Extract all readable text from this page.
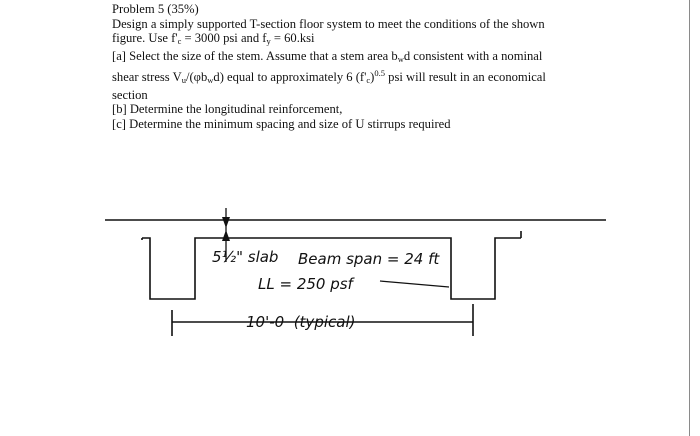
Problem 5 (35%)
Design a simply supported T-section floor system to meet the conditions of the shown
figure. Use $f'_c = 3000$ psi and $f_y = 60.ksi$
[a] Select the size of the stem. Assume that a stem area $b_wd$ consistent with a nominal
shear stress $V_u/(\varphi b_wd)$ equal to approximately 6 $(f'_c)^{0.5}$ psi will result in an economical
section
[b] Determine the longitudinal reinforcement,
[c] Determine the minimum spacing and size of U stirrups required
5½" slab Beam span = 24 ft
LL = 250 psf
10'-0  (typical)
